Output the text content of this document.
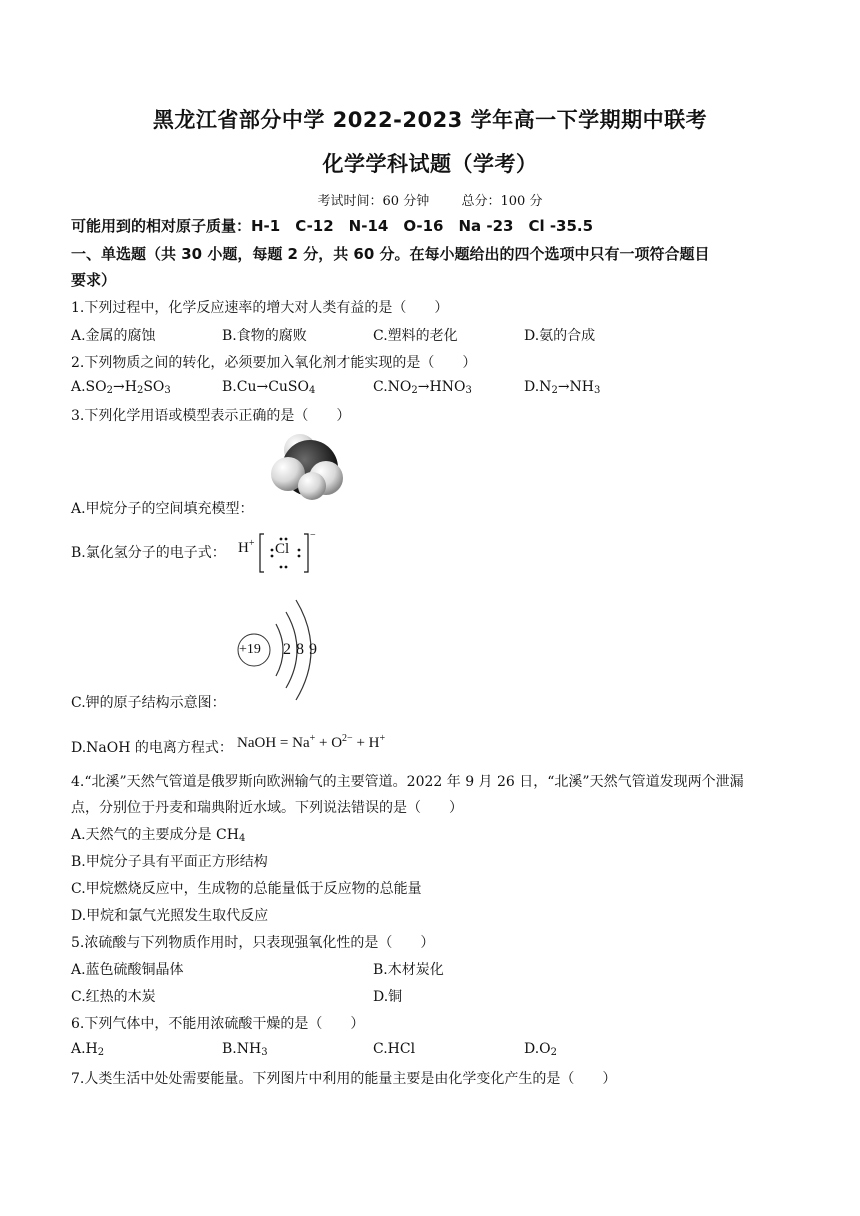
黑龙江省部分中学 2022-2023 学年高一下学期期中联考
化学学科试题（学考）
考试时间：60 分钟 总分：100 分
可能用到的相对原子质量：H-1　C-12　N-14　O-16　Na -23　Cl -35.5
一、单选题（共 30 小题，每题 2 分，共 60 分。在每小题给出的四个选项中只有一项符合题目
要求）
1.下列过程中，化学反应速率的增大对人类有益的是（　　）
A.金属的腐蚀	B.食物的腐败	C.塑料的老化	D.氨的合成
2.下列物质之间的转化，必须要加入氧化剂才能实现的是（　　）
$A.SO_2\to H_2SO_3$	B.Cu→CuSO$_4$	$C.NO_2\to HNO_3$	$D.N_2\to NH_3$
3.下列化学用语或模型表示正确的是（　　）
A.甲烷分子的空间填充模型：
B.氯化氢分子的电子式： H+
−
Cl
+19 2 8 9
C.钾的原子结构示意图：
D.NaOH 的电离方程式： NaOH = $Na^+ + O^{2-} + H^+$
4.“北溪”天然气管道是俄罗斯向欧洲输气的主要管道。2022 年 9 月 26 日，“北溪”天然气管道发现两个泄漏
点，分别位于丹麦和瑞典附近水域。下列说法错误的是（　　）
A.天然气的主要成分是 $CH_4$
B.甲烷分子具有平面正方形结构
C.甲烷燃烧反应中，生成物的总能量低于反应物的总能量
D.甲烷和氯气光照发生取代反应
5.浓硫酸与下列物质作用时，只表现强氧化性的是（　　）
A.蓝色硫酸铜晶体	B.木材炭化
C.红热的木炭	D.铜
6.下列气体中，不能用浓硫酸干燥的是（　　）
$A.H_2$	$B.NH_3$	C.HCl	$D.O_2$
7.人类生活中处处需要能量。下列图片中利用的能量主要是由化学变化产生的是（　　）
